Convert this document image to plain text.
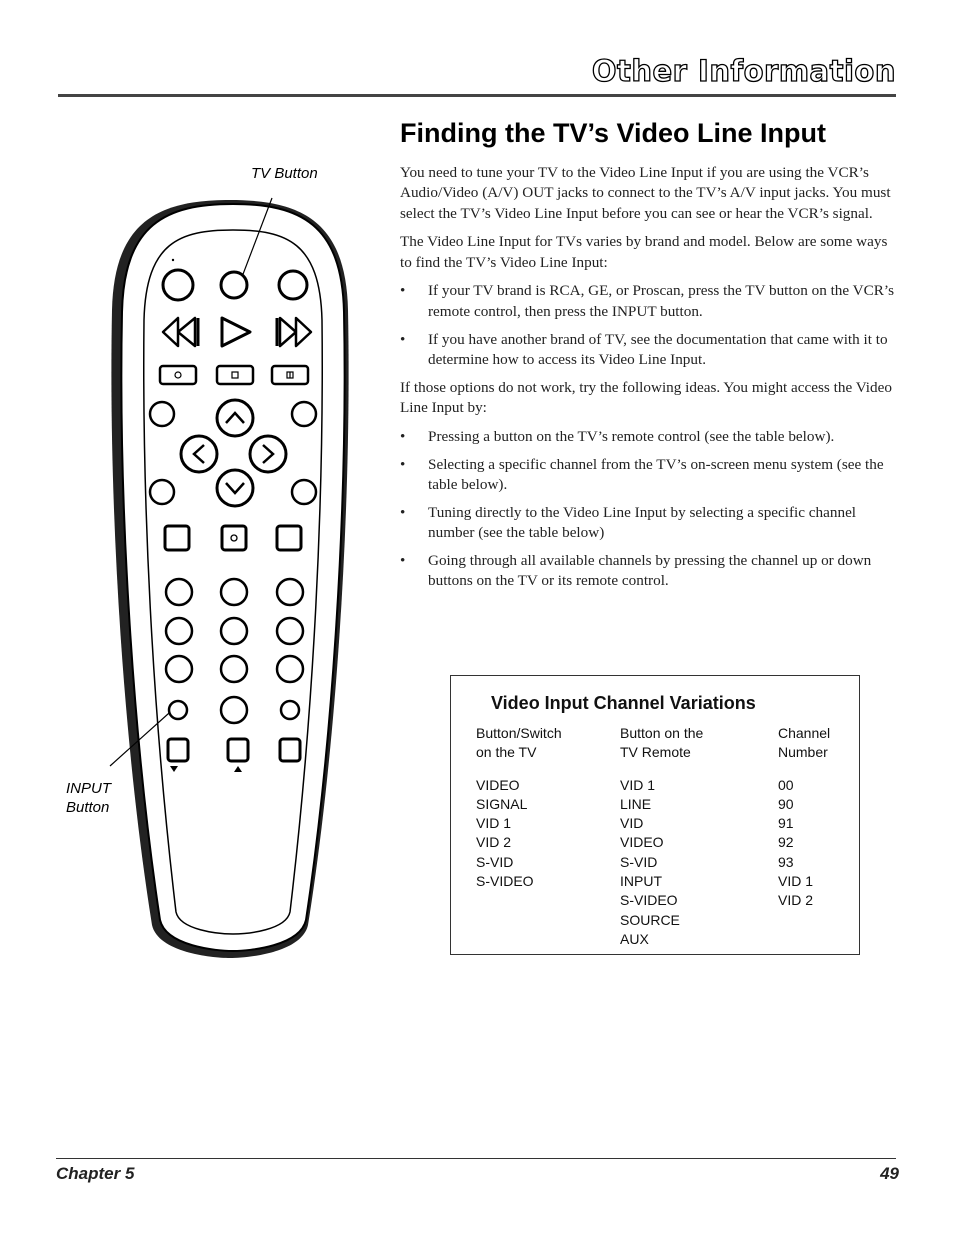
Other Information
Finding the TV’s Video Line Input

You need to tune your TV to the Video Line Input if you are using the VCR’s Audio/Video (A/V) OUT jacks to connect to the TV’s A/V input jacks. You must select the TV’s Video Line Input before you can see or hear the VCR’s signal.

The Video Line Input for TVs varies by brand and model. Below are some ways to find the TV’s Video Line Input:

• If your TV brand is RCA, GE, or Proscan, press the TV button on the VCR’s remote control, then press the INPUT button.
• If you have another brand of TV, see the documentation that came with it to determine how to access its Video Line Input.

If those options do not work, try the following ideas. You might access the Video Line Input by:

• Pressing a button on the TV’s remote control (see the table below).
• Selecting a specific channel from the TV’s on-screen menu system (see the table below).
• Tuning directly to the Video Line Input by selecting a specific channel number (see the table below)
• Going through all available channels by pressing the channel up or down buttons on the TV or its remote control.
TV Button
INPUT
Button
Video Input Channel Variations
Button/Switch
on the TV
VIDEO
SIGNAL
VID 1
VID 2
S-VID
S-VIDEO
Button on the
TV Remote
VID 1
LINE
VID
VIDEO
S-VID
INPUT
S-VIDEO
SOURCE
AUX
Channel
Number
00
90
91
92
93
VID 1
VID 2
Chapter 5	49
